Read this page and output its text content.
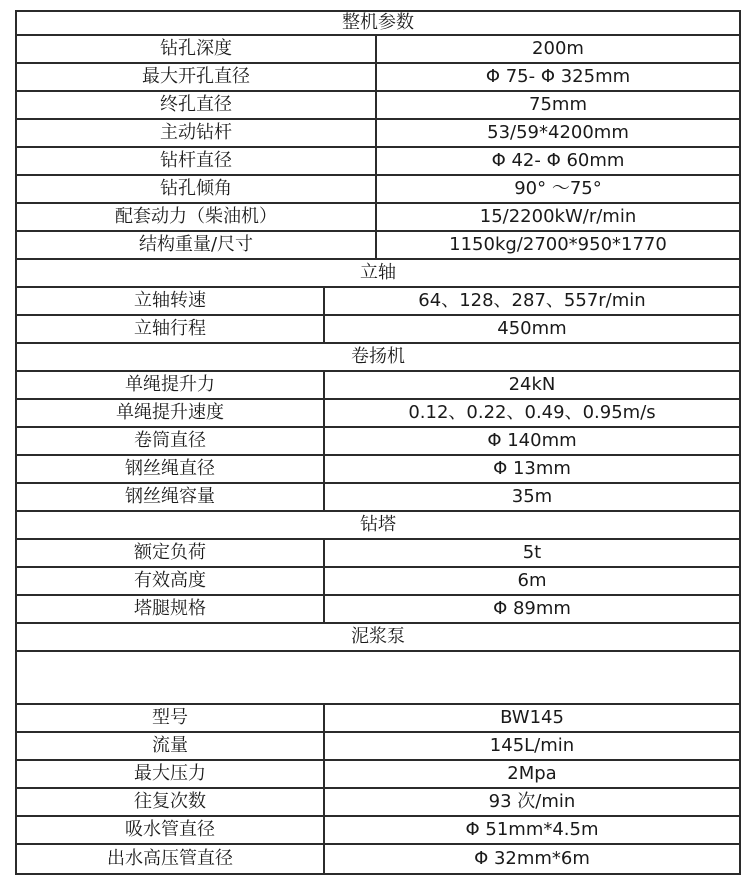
整机参数
钻孔深度	200m
最大开孔直径	Φ 75- Φ 325mm
终孔直径	75mm
主动钻杆	53/59*4200mm
钻杆直径	Φ 42- Φ 60mm
钻孔倾角	90° ～75°
配套动力（柴油机）	15/2200kW/r/min
结构重量/尺寸	1150kg/2700*950*1770
立轴
立轴转速	64、128、287、557r/min
立轴行程	450mm
卷扬机
单绳提升力	24kN
单绳提升速度	0.12、0.22、0.49、0.95m/s
卷筒直径	Φ 140mm
钢丝绳直径	Φ 13mm
钢丝绳容量	35m
钻塔
额定负荷	5t
有效高度	6m
塔腿规格	Φ 89mm
泥浆泵
型号	BW145
流量	145L/min
最大压力	2Mpa
往复次数	93 次/min
吸水管直径	Φ 51mm*4.5m
出水高压管直径	Φ 32mm*6m
